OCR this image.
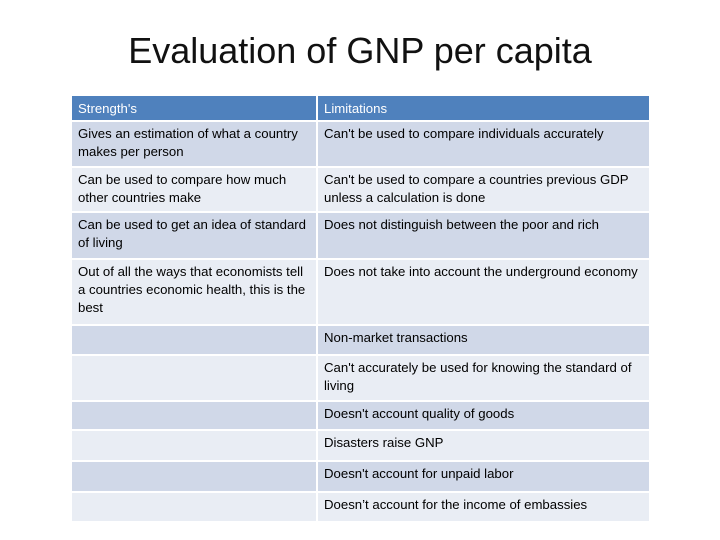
Evaluation of GNP per capita
Strength's	Limitations
Gives an estimation of what a country makes per person	Can't be used to compare individuals accurately
Can be used to compare how much other countries make	Can't be used to compare a countries previous GDP unless a calculation is done
Can be used to get an idea of standard of living	Does not distinguish between the poor and rich
Out of all the ways that economists tell a countries economic health, this is the best	Does not take into account the underground economy
	Non-market transactions
	Can't accurately be used for knowing the standard of living
	Doesn't account quality of goods
	Disasters raise GNP
	Doesn't account for unpaid labor
	Doesn’t account for the income of embassies
